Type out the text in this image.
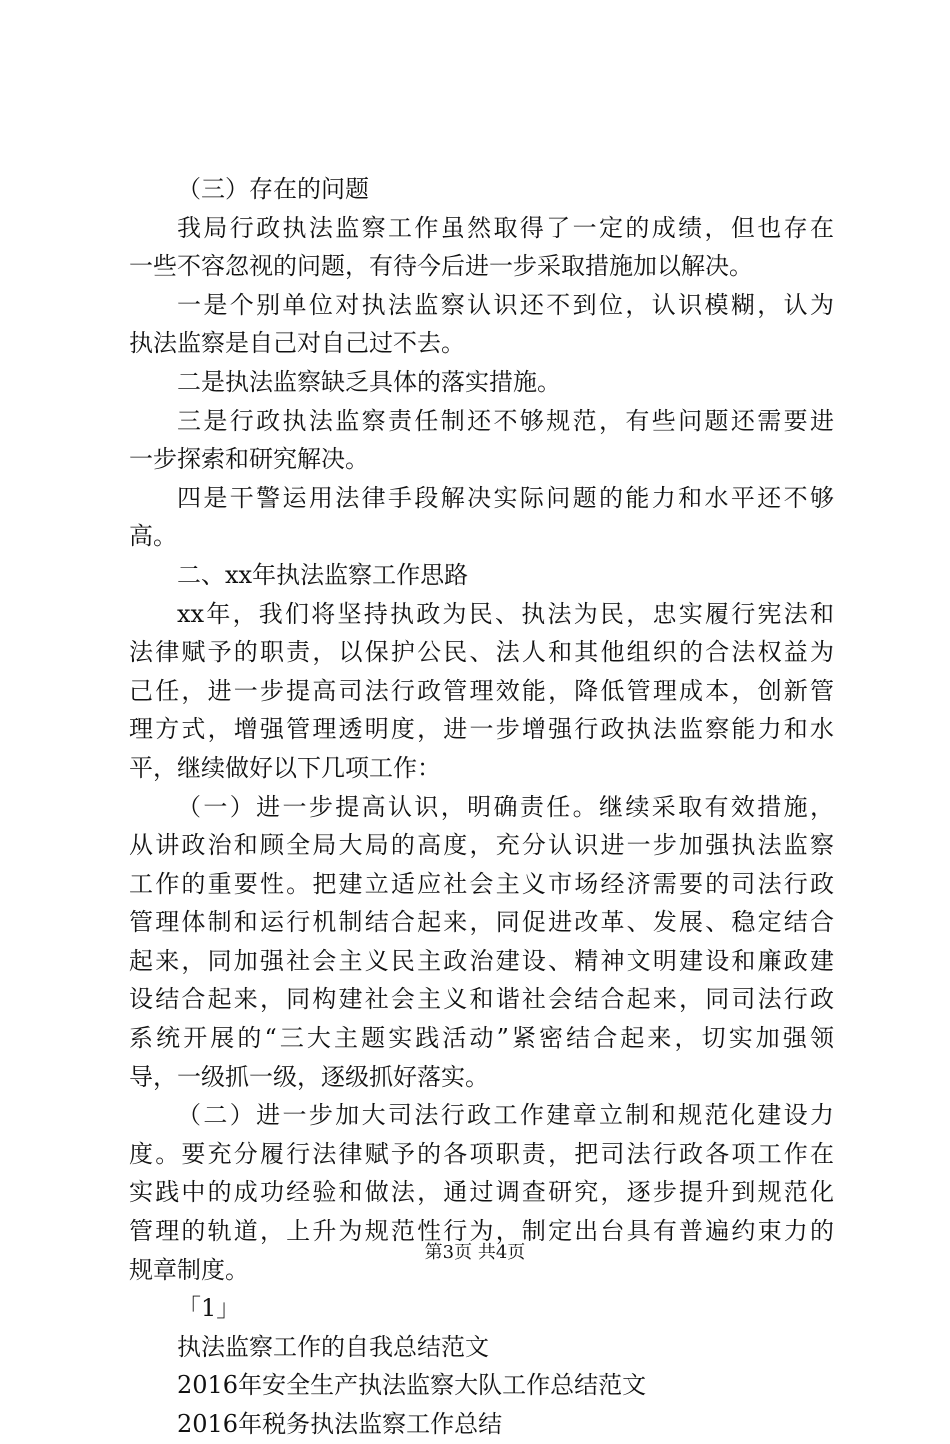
（三）存在的问题
我局行政执法监察工作虽然取得了一定的成绩，但也存在
一些不容忽视的问题，有待今后进一步采取措施加以解决。
一是个别单位对执法监察认识还不到位，认识模糊，认为
执法监察是自己对自己过不去。
二是执法监察缺乏具体的落实措施。
三是行政执法监察责任制还不够规范，有些问题还需要进
一步探索和研究解决。
四是干警运用法律手段解决实际问题的能力和水平还不够
高。
二、xx年执法监察工作思路
xx年，我们将坚持执政为民、执法为民，忠实履行宪法和
法律赋予的职责，以保护公民、法人和其他组织的合法权益为
己任，进一步提高司法行政管理效能，降低管理成本，创新管
理方式，增强管理透明度，进一步增强行政执法监察能力和水
平，继续做好以下几项工作：
（一）进一步提高认识，明确责任。继续采取有效措施，
从讲政治和顾全局大局的高度，充分认识进一步加强执法监察
工作的重要性。把建立适应社会主义市场经济需要的司法行政
管理体制和运行机制结合起来，同促进改革、发展、稳定结合
起来，同加强社会主义民主政治建设、精神文明建设和廉政建
设结合起来，同构建社会主义和谐社会结合起来，同司法行政
系统开展的“三大主题实践活动”紧密结合起来，切实加强领
导，一级抓一级，逐级抓好落实。
（二）进一步加大司法行政工作建章立制和规范化建设力
度。要充分履行法律赋予的各项职责，把司法行政各项工作在
实践中的成功经验和做法，通过调查研究，逐步提升到规范化
管理的轨道，上升为规范性行为，制定出台具有普遍约束力的
规章制度。
「1」
执法监察工作的自我总结范文
2016年安全生产执法监察大队工作总结范文
2016年税务执法监察工作总结
第3页 共4页
